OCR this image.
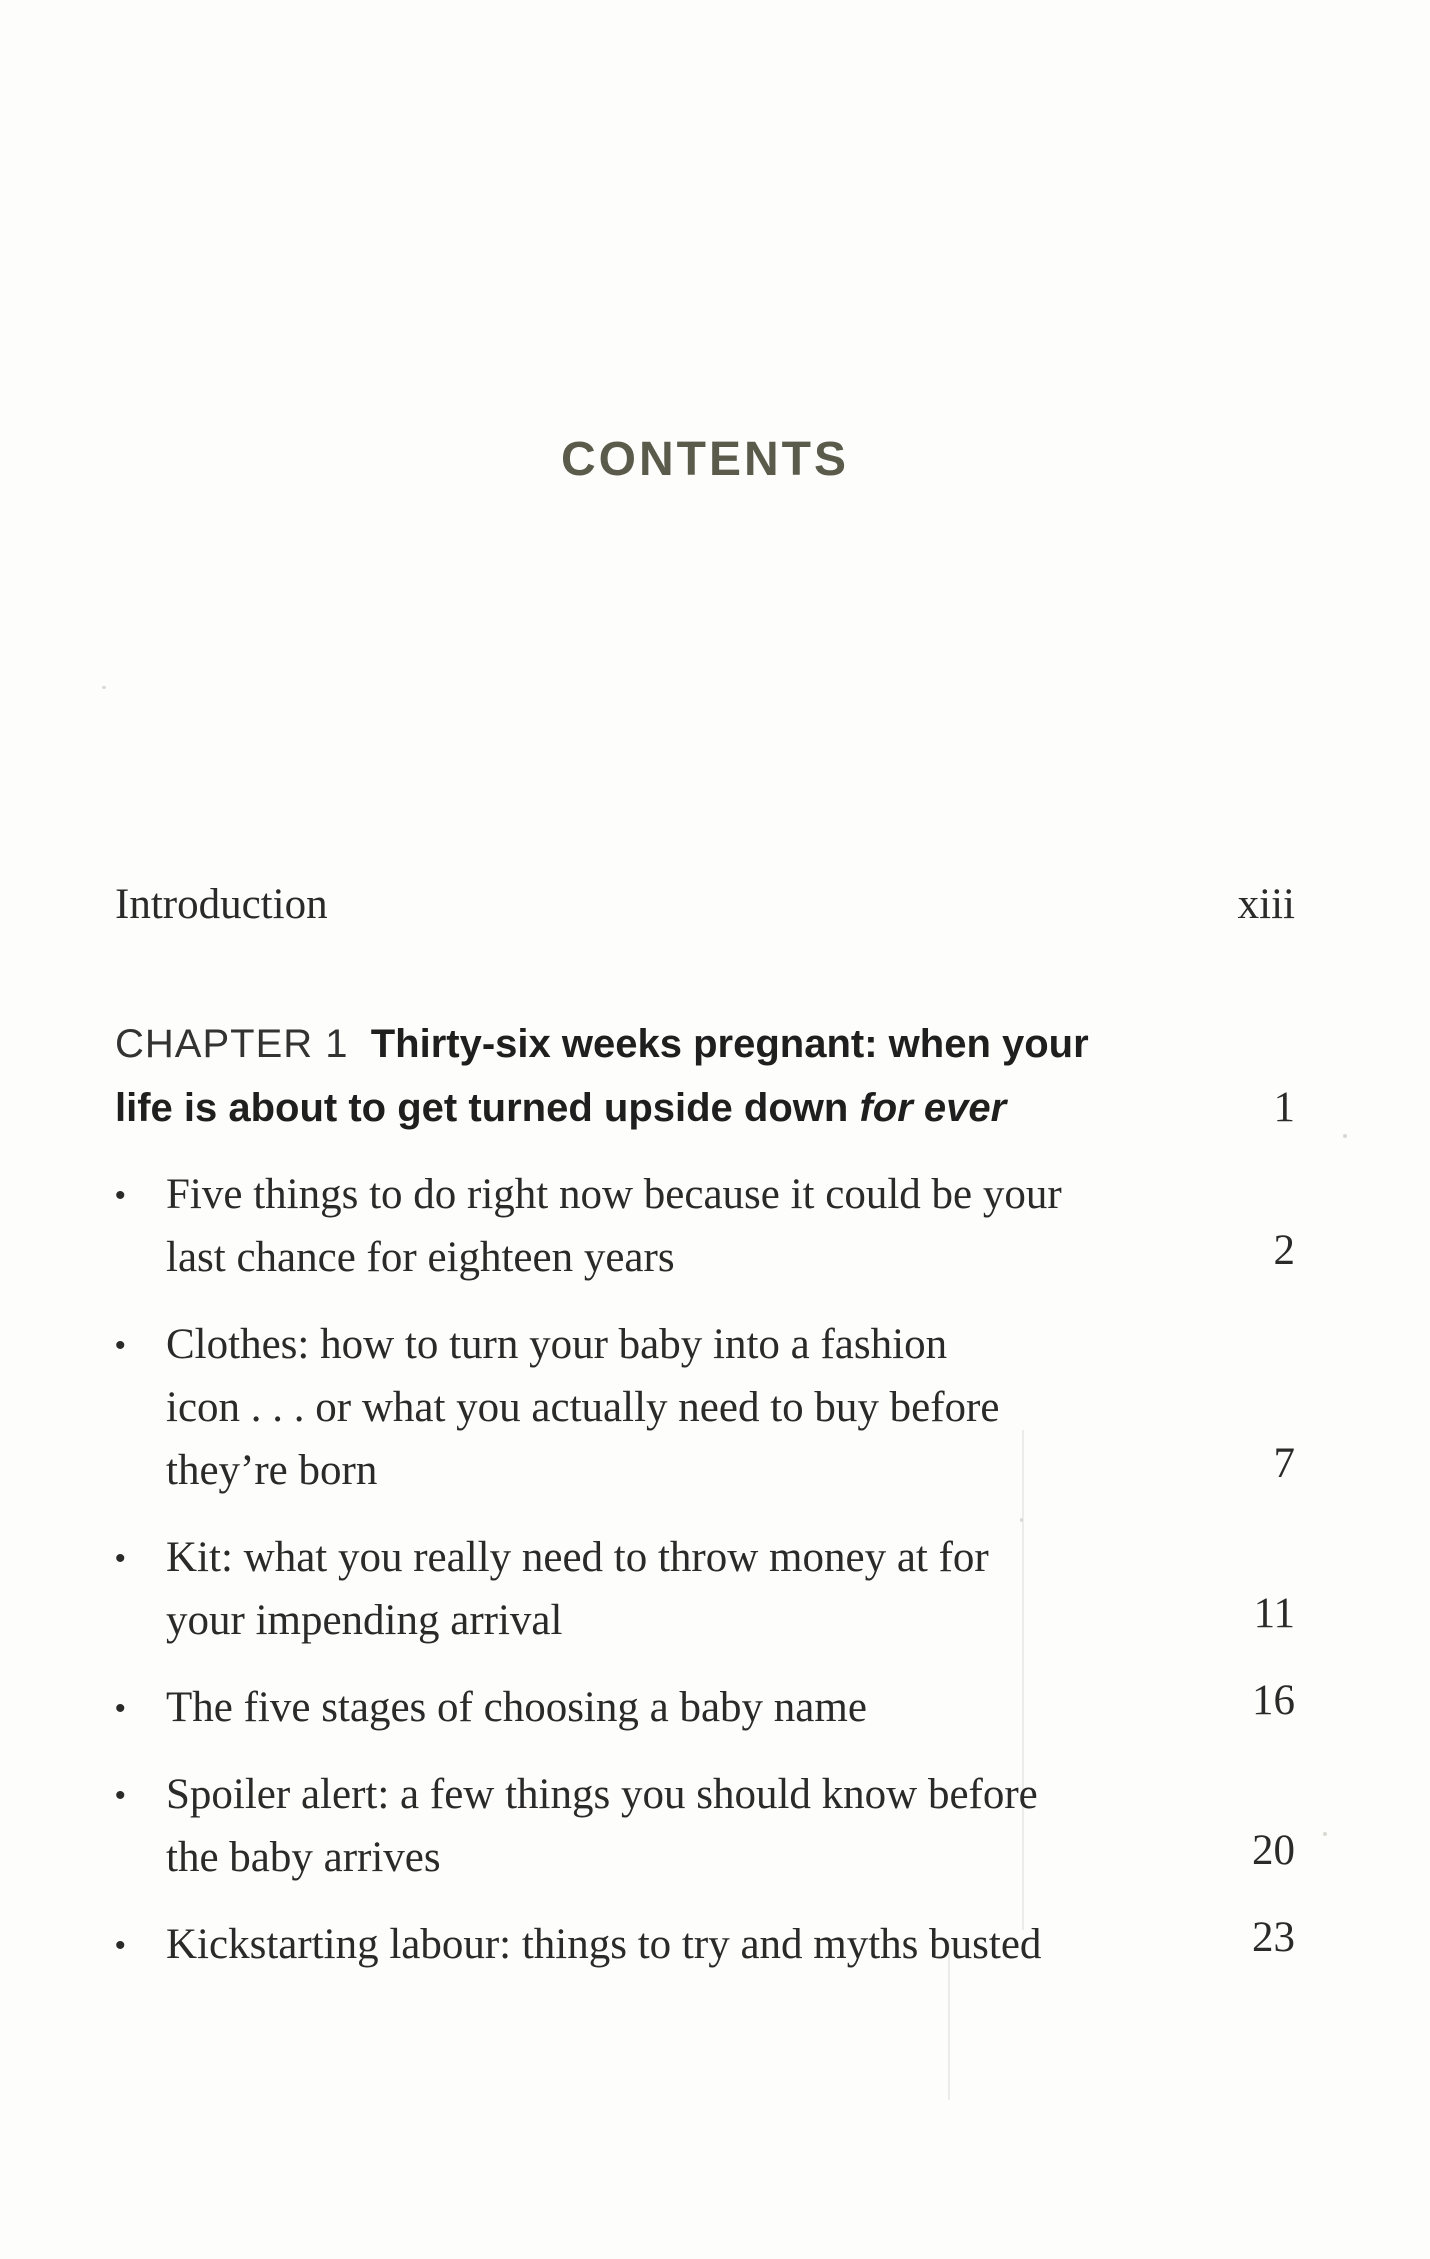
CONTENTS
Introduction	xiii
CHAPTER 1 Thirty-six weeks pregnant: when your
life is about to get turned upside down for ever	1
• Five things to do right now because it could be your
last chance for eighteen years	2
• Clothes: how to turn your baby into a fashion
icon . . . or what you actually need to buy before
they’re born	7
• Kit: what you really need to throw money at for
your impending arrival	11
• The five stages of choosing a baby name	16
• Spoiler alert: a few things you should know before
the baby arrives	20
• Kickstarting labour: things to try and myths busted	23
